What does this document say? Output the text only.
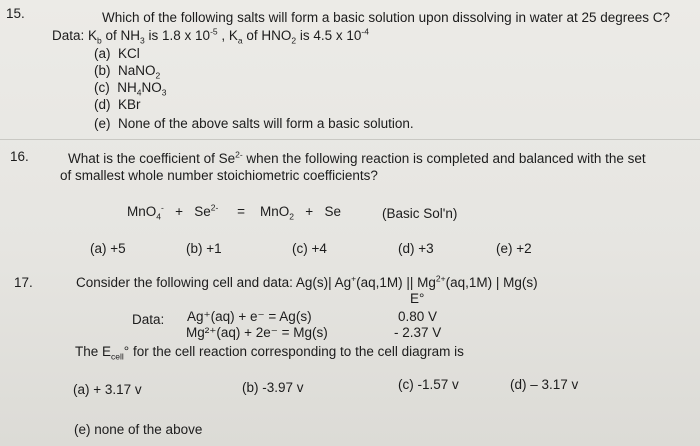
15.	Which of the following salts will form a basic solution upon dissolving in water at 25 degrees C?
Data: $K_b$ of $NH_3$ is 1.8 x $10^{-5}$ , $K_a$ of $HNO_2$ is 4.5 x $10^{-4}$
(a) KCl
(b) NaNO$_2$
(c) $NH_4NO_3$
(d) KBr
(e) None of the above salts will form a basic solution.
16.	What is the coefficient of $Se^{2-}$ when the following reaction is completed and balanced with the set
of smallest whole number stoichiometric coefficients?
$MnO_4^- + Se^{2-} = MnO_2 + Se$	(Basic Sol'n)
(a) +5	(b) +1	(c) +4	(d) +3	(e) +2
17.	Consider the following cell and data: Ag(s)| Ag+(aq,1M) || $Mg^{2+}(aq,1M)$ | Mg(s)
E°
Data: Ag⁺(aq) + e⁻ = Ag(s)	0.80 V
Mg²⁺(aq) + 2e⁻ = Mg(s)	- 2.37 V
The $E_{cell}^\circ$ for the cell reaction corresponding to the cell diagram is
(a) + 3.17 v	(b) -3.97 v	(c) -1.57 v	(d) – 3.17 v
(e) none of the above
